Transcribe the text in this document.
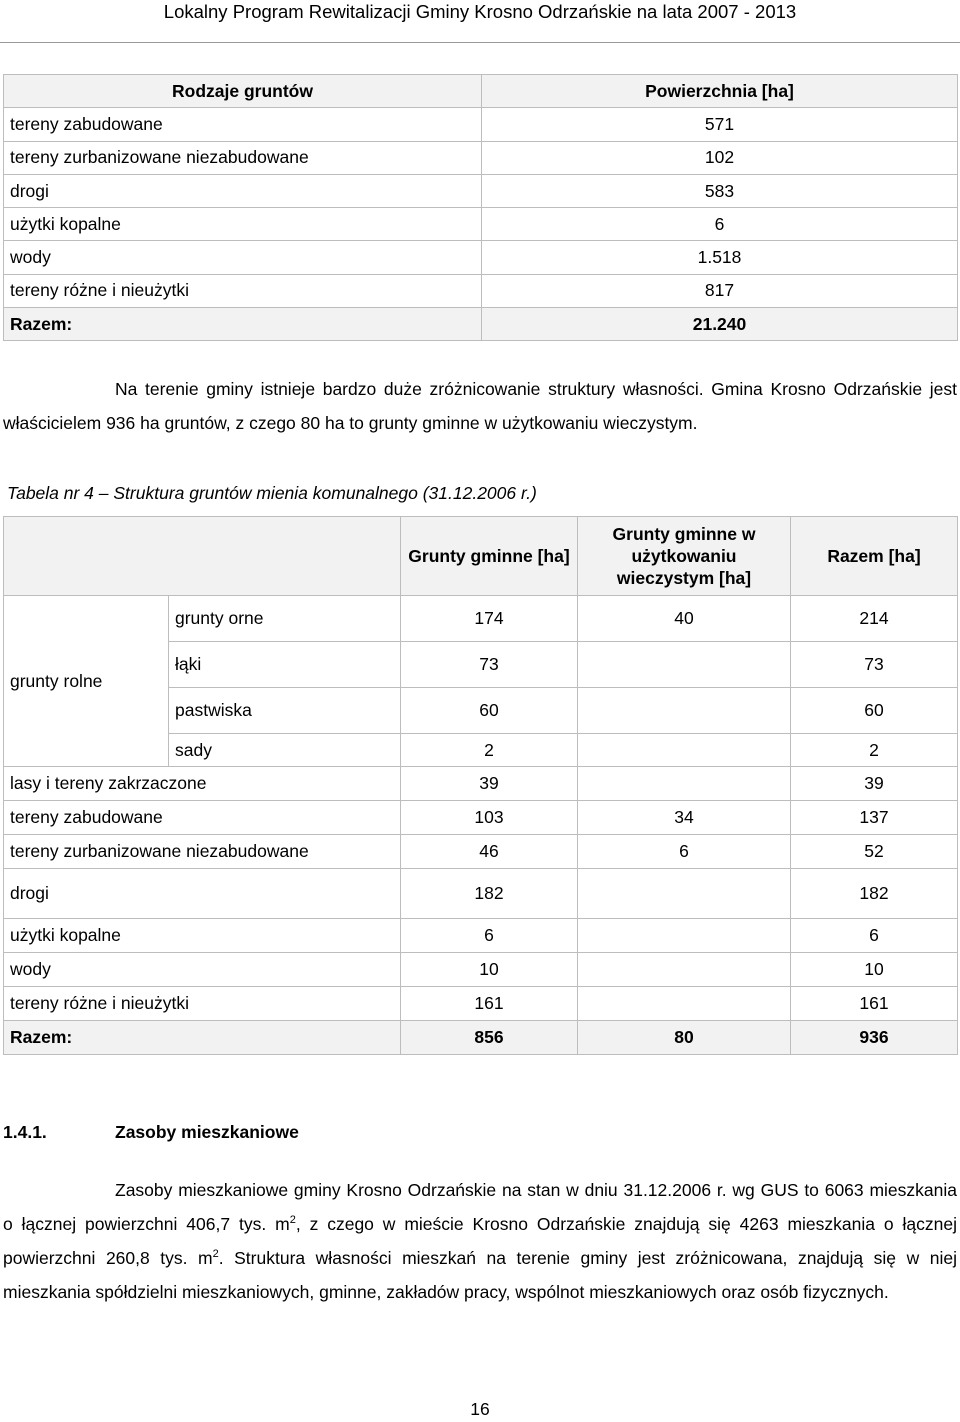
Lokalny Program Rewitalizacji Gminy Krosno Odrzańskie na lata 2007 - 2013
Rodzaje gruntów	Powierzchnia [ha]
tereny zabudowane	571
tereny zurbanizowane niezabudowane	102
drogi	583
użytki kopalne	6
wody	1.518
tereny różne i nieużytki	817
Razem:	21.240
Na terenie gminy istnieje bardzo duże zróżnicowanie struktury własności. Gmina Krosno Odrzańskie jest właścicielem 936 ha gruntów, z czego 80 ha to grunty gminne w użytkowaniu wieczystym.
Tabela nr 4 – Struktura gruntów mienia komunalnego (31.12.2006 r.)
		Grunty gminne [ha]	Grunty gminne w użytkowaniu wieczystym [ha]	Razem [ha]
grunty rolne	grunty orne	174	40	214
	łąki	73		73
	pastwiska	60		60
	sady	2		2
lasy i tereny zakrzaczone		39		39
tereny zabudowane		103	34	137
tereny zurbanizowane niezabudowane		46	6	52
drogi		182		182
użytki kopalne		6		6
wody		10		10
tereny różne i nieużytki		161		161
Razem:		856	80	936
1.4.1.	Zasoby mieszkaniowe
Zasoby mieszkaniowe gminy Krosno Odrzańskie na stan w dniu 31.12.2006 r. wg GUS to 6063 mieszkania o łącznej powierzchni 406,7 tys. $m^2$, z czego w mieście Krosno Odrzańskie znajdują się 4263 mieszkania o łącznej powierzchni 260,8 tys. $m^2$. Struktura własności mieszkań na terenie gminy jest zróżnicowana, znajdują się w niej mieszkania spółdzielni mieszkaniowych, gminne, zakładów pracy, wspólnot mieszkaniowych oraz osób fizycznych.
16
